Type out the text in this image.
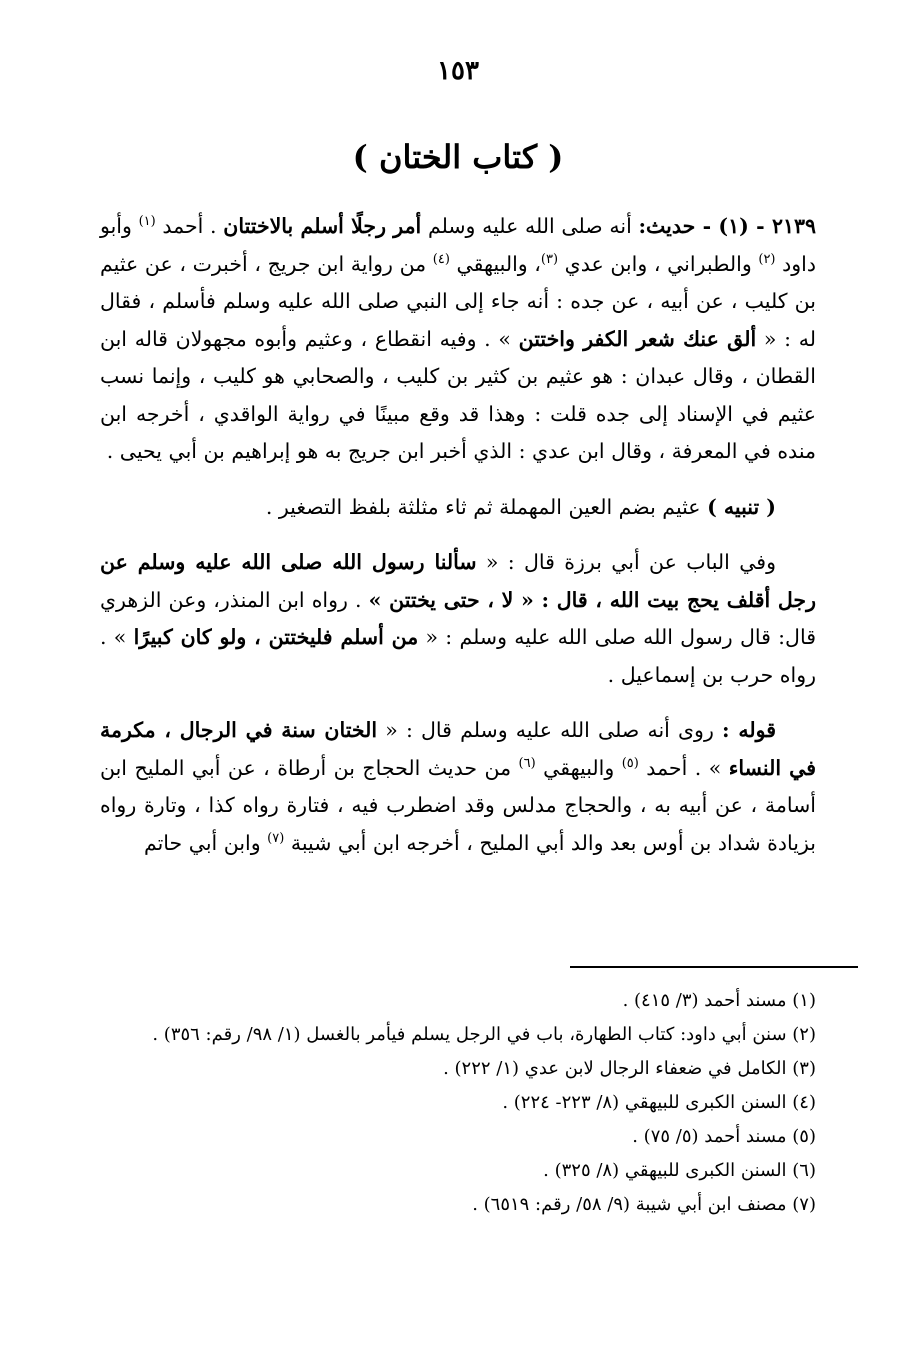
١٥٣
( كتاب الختان )

٢١٣٩ - (١) - حديث: أنه صلى الله عليه وسلم أمر رجلًا أسلم بالاختتان . أحمد $^{(١)}$ وأبو داود $^{(٢)}$ والطبراني ، وابن عدي $^{(٣)}$، والبيهقي $^{(٤)}$ من رواية ابن جريج ، أخبرت ، عن عثيم بن كليب ، عن أبيه ، عن جده : أنه جاء إلى النبي صلى الله عليه وسلم فأسلم ، فقال له : « ألق عنك شعر الكفر واختتن » . وفيه انقطاع ، وعثيم وأبوه مجهولان قاله ابن القطان ، وقال عبدان : هو عثيم بن كثير بن كليب ، والصحابي هو كليب ، وإنما نسب عثيم في الإسناد إلى جده قلت : وهذا قد وقع مبينًا في رواية الواقدي ، أخرجه ابن منده في المعرفة ، وقال ابن عدي : الذي أخبر ابن جريج به هو إبراهيم بن أبي يحيى .

( تنبيه ) عثيم بضم العين المهملة ثم ثاء مثلثة بلفظ التصغير .

وفي الباب عن أبي برزة قال : « سألنا رسول الله صلى الله عليه وسلم عن رجل أقلف يحج بيت الله ، قال : « لا ، حتى يختتن » . رواه ابن المنذر، وعن الزهري قال: قال رسول الله صلى الله عليه وسلم : « من أسلم فليختتن ، ولو كان كبيرًا » . رواه حرب بن إسماعيل .

قوله : روى أنه صلى الله عليه وسلم قال : « الختان سنة في الرجال ، مكرمة في النساء » . أحمد $^{(٥)}$ والبيهقي $^{(٦)}$ من حديث الحجاج بن أرطاة ، عن أبي المليح ابن أسامة ، عن أبيه به ، والحجاج مدلس وقد اضطرب فيه ، فتارة رواه كذا ، وتارة رواه بزيادة شداد بن أوس بعد والد أبي المليح ، أخرجه ابن أبي شيبة $^{(٧)}$ وابن أبي حاتم

(١) مسند أحمد (٣/ ٤١٥) .
(٢) سنن أبي داود: كتاب الطهارة، باب في الرجل يسلم فيأمر بالغسل (١/ ٩٨/ رقم: ٣٥٦) .
(٣) الكامل في ضعفاء الرجال لابن عدي (١/ ٢٢٢) .
(٤) السنن الكبرى للبيهقي (٨/ ٢٢٣- ٢٢٤) .
(٥) مسند أحمد (٥/ ٧٥) .
(٦) السنن الكبرى للبيهقي (٨/ ٣٢٥) .
(٧) مصنف ابن أبي شيبة (٩/ ٥٨/ رقم: ٦٥١٩) .
